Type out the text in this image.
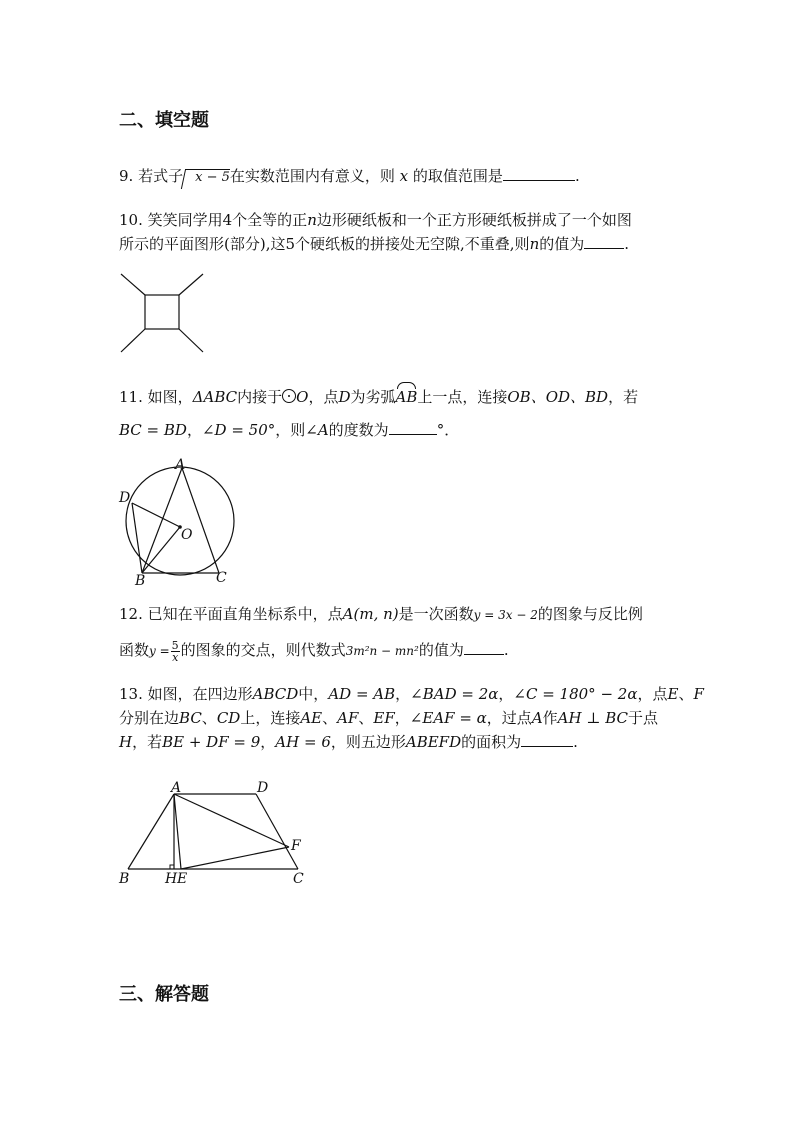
二、填空题
9. 若式子 x − 5在实数范围内有意义，则 x 的取值范围是	.
10. 笑笑同学用4个全等的正n边形硬纸板和一个正方形硬纸板拼成了一个如图
所示的平面图形(部分),这5个硬纸板的拼接处无空隙,不重叠,则n的值为	.
11. 如图，ΔABC内接于 O，点D为劣弧AB上一点，连接OB、OD、BD，若
BC = BD，∠D = 50°，则∠A的度数为	°．
A
D
O
B	C
12. 已知在平面直角坐标系中，点A(m, n)是一次函数y = 3x − 2的图象与反比例
函数$y = \frac{5}{x}$ 的图象的交点，则代数式3m²n − mn²的值为	.
13. 如图，在四边形ABCD中，AD = AB，∠BAD = 2α，∠C = 180° − 2α，点E、F
分别在边BC、CD上，连接AE、AF、EF，∠EAF = α，过点A作AH ⊥ BC于点
H，若BE + DF = 9，AH = 6，则五边形ABEFD的面积为	.
A	D
F
B	H E	C
三、解答题
